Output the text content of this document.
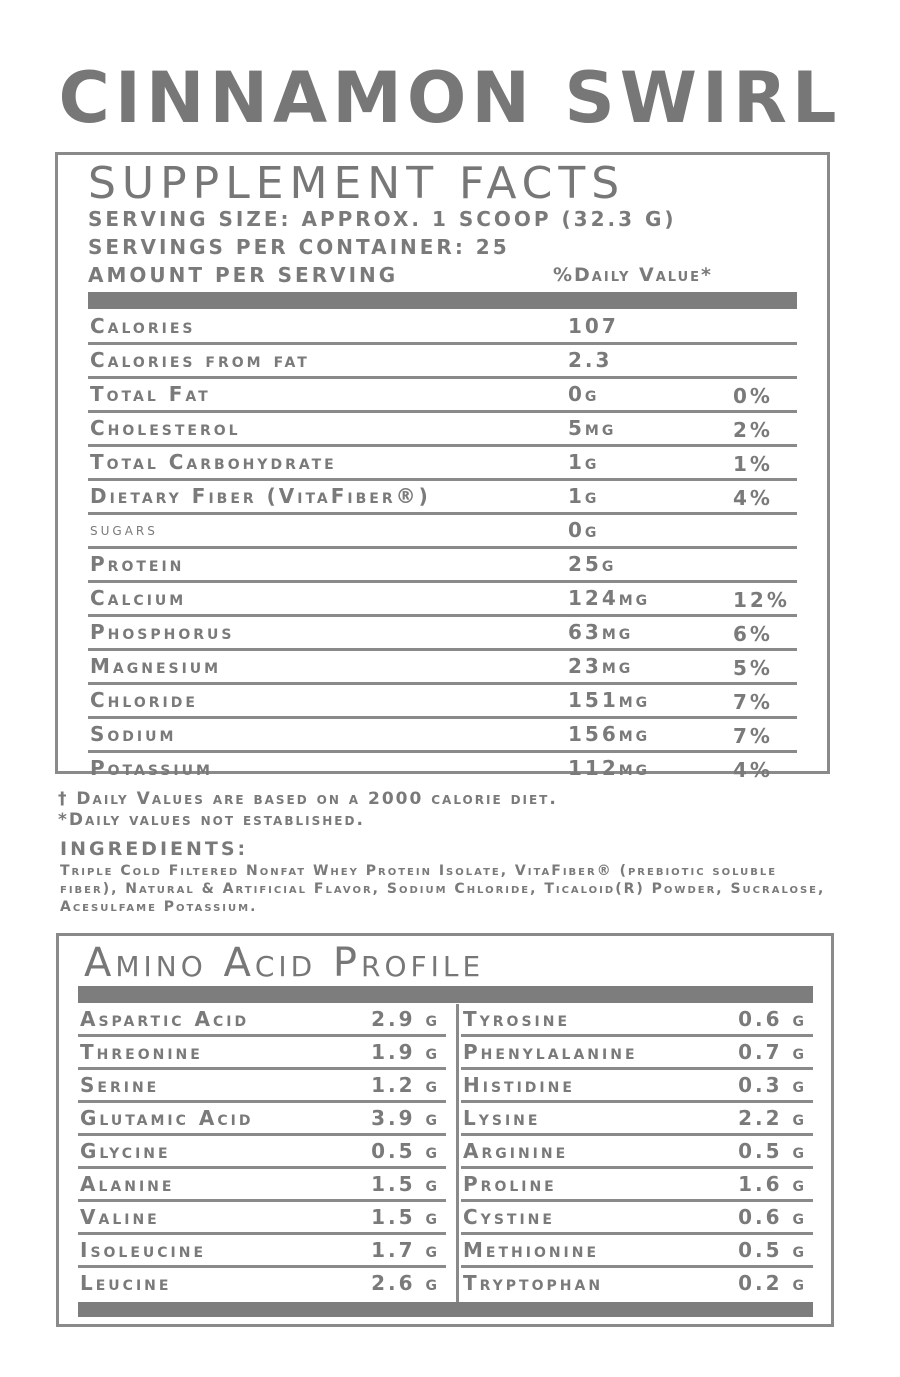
CINNAMON SWIRL
SUPPLEMENT FACTS
SERVING SIZE: APPROX. 1 SCOOP (32.3 G)
SERVINGS PER CONTAINER: 25
AMOUNT PER SERVING	%Daily Value*
Calories	107
Calories from fat	2.3
Total Fat	0g	0%
Cholesterol	5mg	2%
Total Carbohydrate	1g	1%
Dietary Fiber (VitaFiber®)	1g	4%
sugars	0g
Protein	25g
Calcium	124mg	12%
Phosphorus	63mg	6%
Magnesium	23mg	5%
Chloride	151mg	7%
Sodium	156mg	7%
Potassium	112mg	4%
† Daily Values are based on a 2000 calorie diet.
*Daily values not established.
INGREDIENTS:
Triple Cold Filtered Nonfat Whey Protein Isolate, VitaFiber® (prebiotic soluble fiber), Natural & Artificial Flavor, Sodium Chloride, Ticaloid(R) Powder, Sucralose, Acesulfame Potassium.
Amino Acid Profile
Aspartic Acid	2.9 g
Threonine	1.9 g
Serine	1.2 g
Glutamic Acid	3.9 g
Glycine	0.5 g
Alanine	1.5 g
Valine	1.5 g
Isoleucine	1.7 g
Leucine	2.6 g
Tyrosine	0.6 g
Phenylalanine	0.7 g
Histidine	0.3 g
Lysine	2.2 g
Arginine	0.5 g
Proline	1.6 g
Cystine	0.6 g
Methionine	0.5 g
Tryptophan	0.2 g
